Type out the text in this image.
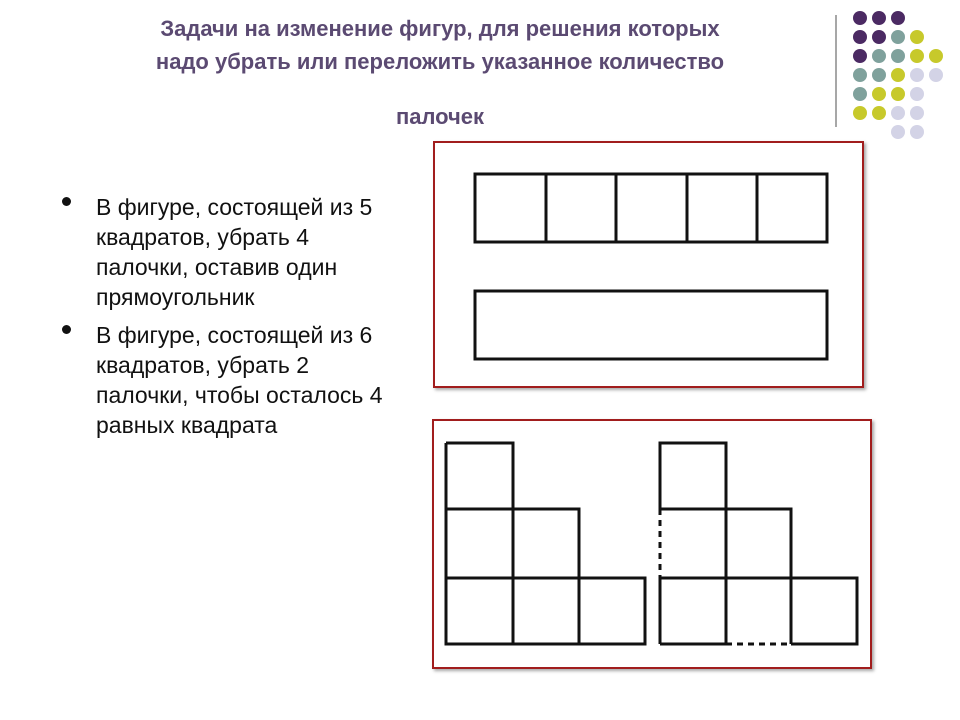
Задачи на изменение фигур, для решения которых
надо убрать или переложить указанное количество
палочек
В фигуре, состоящей из 5 квадратов, убрать 4 палочки, оставив один прямоугольник
В фигуре, состоящей из 6 квадратов, убрать 2 палочки, чтобы осталось 4 равных квадрата
